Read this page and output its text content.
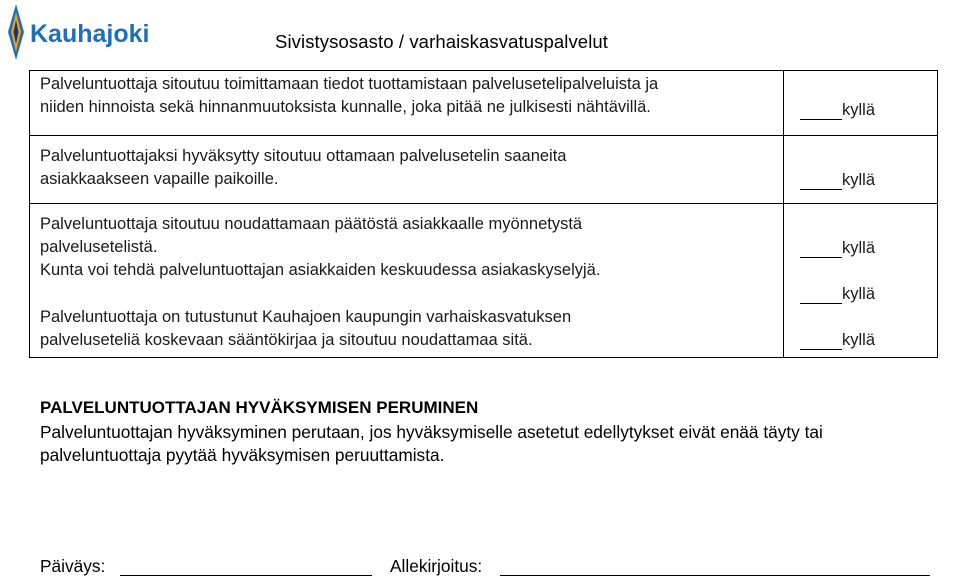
Kauhajoki	Sivistysosasto / varhaiskasvatuspalvelut
Palveluntuottaja sitoutuu toimittamaan tiedot tuottamistaan palvelusetelipalveluista ja
niiden hinnoista sekä hinnanmuutoksista kunnalle, joka pitää ne julkisesti nähtävillä.	kyllä
Palveluntuottajaksi hyväksytty sitoutuu ottamaan palvelusetelin saaneita
asiakkaakseen vapaille paikoille.	kyllä
Palveluntuottaja sitoutuu noudattamaan päätöstä asiakkaalle myönnetystä
palvelusetelistä.	kyllä
Kunta voi tehdä palveluntuottajan asiakkaiden keskuudessa asiakaskyselyjä.
kyllä
Palveluntuottaja on tutustunut Kauhajoen kaupungin varhaiskasvatuksen
palveluseteliä koskevaan sääntökirjaa ja sitoutuu noudattamaa sitä.	kyllä
PALVELUNTUOTTAJAN HYVÄKSYMISEN PERUMINEN
Palveluntuottajan hyväksyminen perutaan, jos hyväksymiselle asetetut edellytykset eivät enää täyty tai
palveluntuottaja pyytää hyväksymisen peruuttamista.
Päiväys:	Allekirjoitus:
